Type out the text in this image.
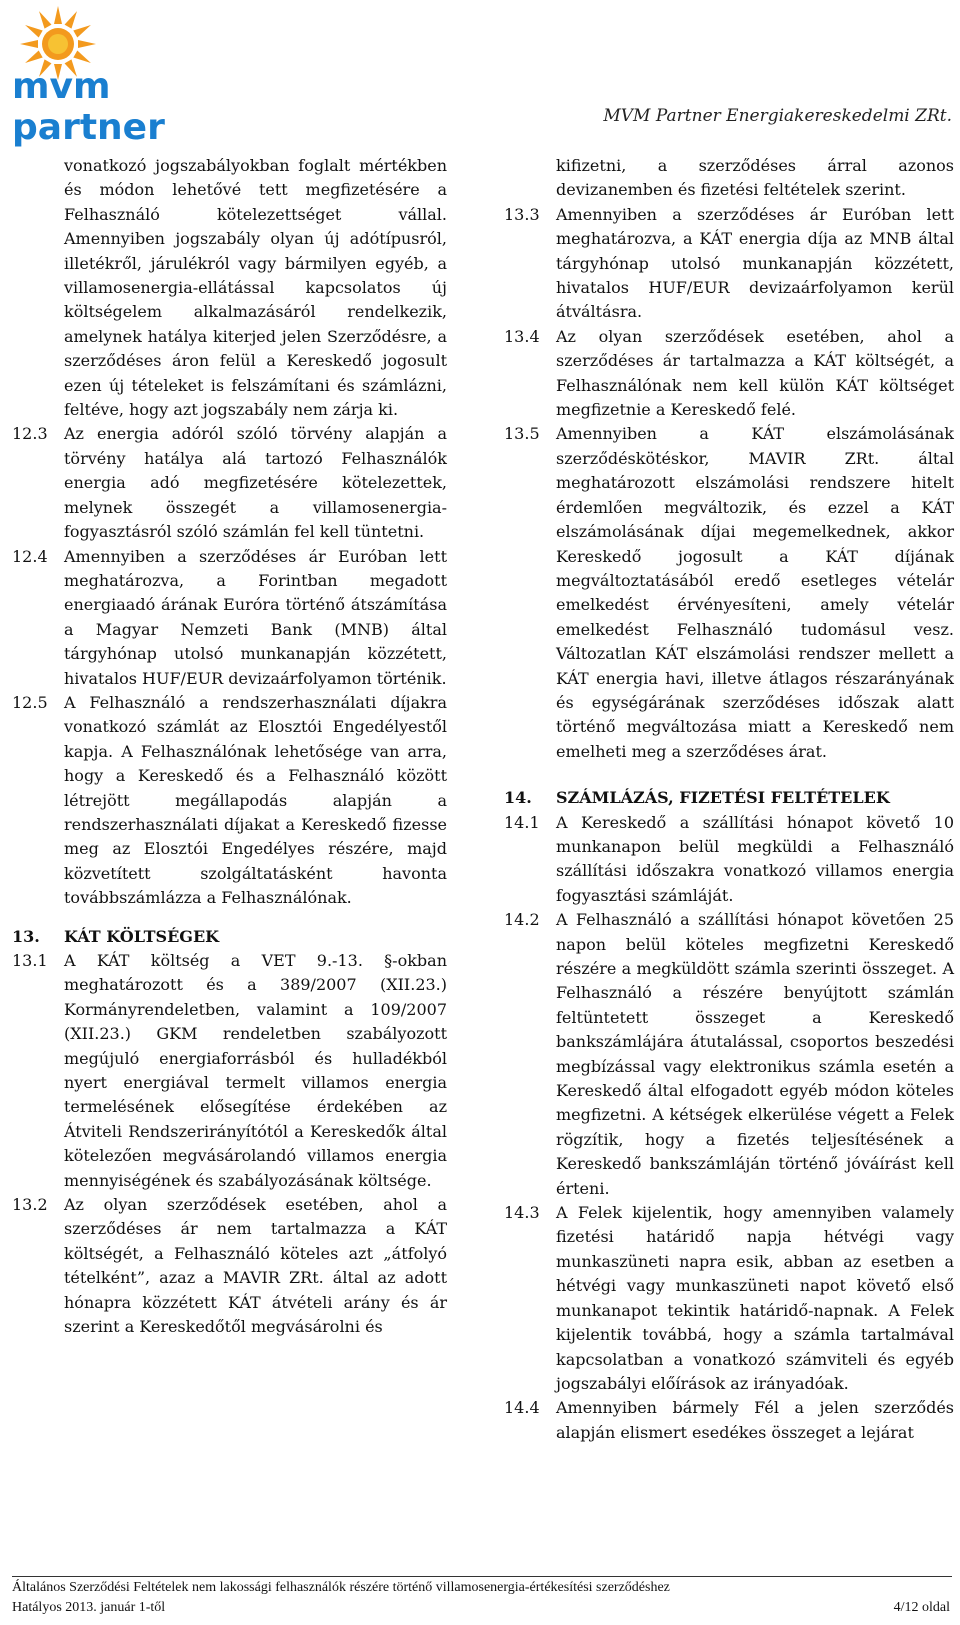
mvm partner	MVM Partner Energiakereskedelmi ZRt.
vonatkozó jogszabályokban foglalt mértékben és módon lehetővé tett megfizetésére a Felhasználó kötelezettséget vállal. Amennyiben jogszabály olyan új adótípusról, illetékről, járulékról vagy bármilyen egyéb, a villamosenergia-ellátással kapcsolatos új költségelem alkalmazásáról rendelkezik, amelynek hatálya kiterjed jelen Szerződésre, a szerződéses áron felül a Kereskedő jogosult ezen új tételeket is felszámítani és számlázni, feltéve, hogy azt jogszabály nem zárja ki.
12.3 Az energia adóról szóló törvény alapján a törvény hatálya alá tartozó Felhasználók energia adó megfizetésére kötelezettek, melynek összegét a villamosenergia-fogyasztásról szóló számlán fel kell tüntetni.
12.4 Amennyiben a szerződéses ár Euróban lett meghatározva, a Forintban megadott energiaadó árának Euróra történő átszámítása a Magyar Nemzeti Bank (MNB) által tárgyhónap utolsó munkanapján közzétett, hivatalos HUF/EUR devizaárfolyamon történik.
12.5 A Felhasználó a rendszerhasználati díjakra vonatkozó számlát az Elosztói Engedélyestől kapja. A Felhasználónak lehetősége van arra, hogy a Kereskedő és a Felhasználó között létrejött megállapodás alapján a rendszerhasználati díjakat a Kereskedő fizesse meg az Elosztói Engedélyes részére, majd közvetített szolgáltatásként havonta továbbszámlázza a Felhasználónak.
13. KÁT KÖLTSÉGEK
13.1 A KÁT költség a VET 9.-13. §-okban meghatározott és a 389/2007 (XII.23.) Kormányrendeletben, valamint a 109/2007 (XII.23.) GKM rendeletben szabályozott megújuló energiaforrásból és hulladékból nyert energiával termelt villamos energia termelésének elősegítése érdekében az Átviteli Rendszerirányítótól a Kereskedők által kötelezően megvásárolandó villamos energia mennyiségének és szabályozásának költsége.
13.2 Az olyan szerződések esetében, ahol a szerződéses ár nem tartalmazza a KÁT költségét, a Felhasználó köteles azt „átfolyó tételként”, azaz a MAVIR ZRt. által az adott hónapra közzétett KÁT átvételi arány és ár szerint a Kereskedőtől megvásárolni és
kifizetni, a szerződéses árral azonos devizanemben és fizetési feltételek szerint.
13.3 Amennyiben a szerződéses ár Euróban lett meghatározva, a KÁT energia díja az MNB által tárgyhónap utolsó munkanapján közzétett, hivatalos HUF/EUR devizaárfolyamon kerül átváltásra.
13.4 Az olyan szerződések esetében, ahol a szerződéses ár tartalmazza a KÁT költségét, a Felhasználónak nem kell külön KÁT költséget megfizetnie a Kereskedő felé.
13.5 Amennyiben a KÁT elszámolásának szerződéskötéskor, MAVIR ZRt. által meghatározott elszámolási rendszere hitelt érdemlően megváltozik, és ezzel a KÁT elszámolásának díjai megemelkednek, akkor Kereskedő jogosult a KÁT díjának megváltoztatásából eredő esetleges vételár emelkedést érvényesíteni, amely vételár emelkedést Felhasználó tudomásul vesz. Változatlan KÁT elszámolási rendszer mellett a KÁT energia havi, illetve átlagos részarányának és egységárának szerződéses időszak alatt történő megváltozása miatt a Kereskedő nem emelheti meg a szerződéses árat.
14. SZÁMLÁZÁS, FIZETÉSI FELTÉTELEK
14.1 A Kereskedő a szállítási hónapot követő 10 munkanapon belül megküldi a Felhasználó szállítási időszakra vonatkozó villamos energia fogyasztási számláját.
14.2 A Felhasználó a szállítási hónapot követően 25 napon belül köteles megfizetni Kereskedő részére a megküldött számla szerinti összeget. A Felhasználó a részére benyújtott számlán feltüntetett összeget a Kereskedő bankszámlájára átutalással, csoportos beszedési megbízással vagy elektronikus számla esetén a Kereskedő által elfogadott egyéb módon köteles megfizetni. A kétségek elkerülése végett a Felek rögzítik, hogy a fizetés teljesítésének a Kereskedő bankszámláján történő jóváírást kell érteni.
14.3 A Felek kijelentik, hogy amennyiben valamely fizetési határidő napja hétvégi vagy munkaszüneti napra esik, abban az esetben a hétvégi vagy munkaszüneti napot követő első munkanapot tekintik határidő-napnak. A Felek kijelentik továbbá, hogy a számla tartalmával kapcsolatban a vonatkozó számviteli és egyéb jogszabályi előírások az irányadóak.
14.4 Amennyiben bármely Fél a jelen szerződés alapján elismert esedékes összeget a lejárat
Általános Szerződési Feltételek nem lakossági felhasználók részére történő villamosenergia-értékesítési szerződéshez
Hatályos 2013. január 1-től	4/12 oldal
